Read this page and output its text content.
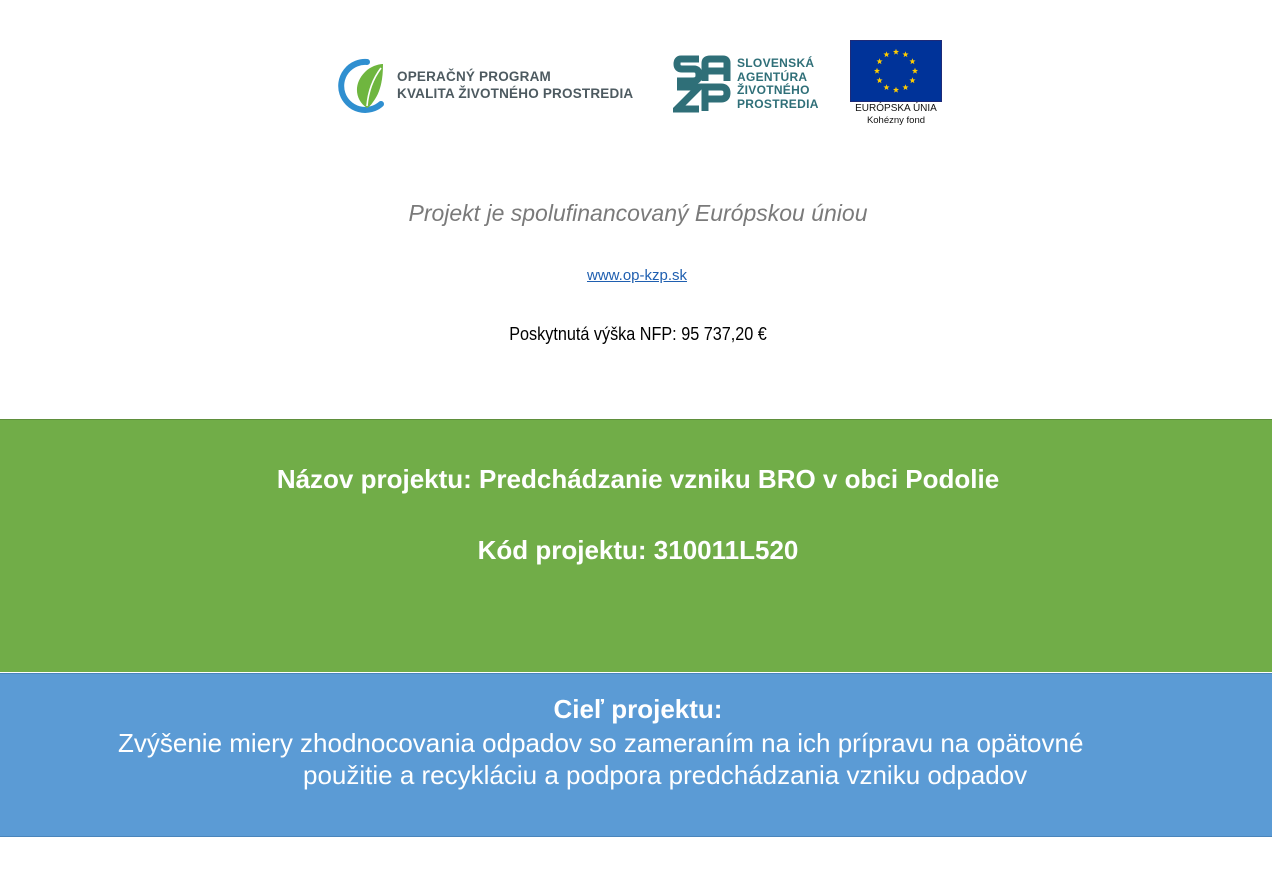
OPERAČNÝ PROGRAM
KVALITA ŽIVOTNÉHO PROSTREDIA
SLOVENSKÁ
AGENTÚRA
ŽIVOTNÉHO
PROSTREDIA	EURÓPSKA ÚNIA
Kohézny fond
Projekt je spolufinancovaný Európskou úniou
www.op-kzp.sk
Poskytnutá výška NFP: 95 737,20 €
Názov projektu: Predchádzanie vzniku BRO v obci Podolie
Kód projektu: 310011L520
Cieľ projektu:
Zvýšenie miery zhodnocovania odpadov so zameraním na ich prípravu na opätovné
použitie a recykláciu a podpora predchádzania vzniku odpadov
